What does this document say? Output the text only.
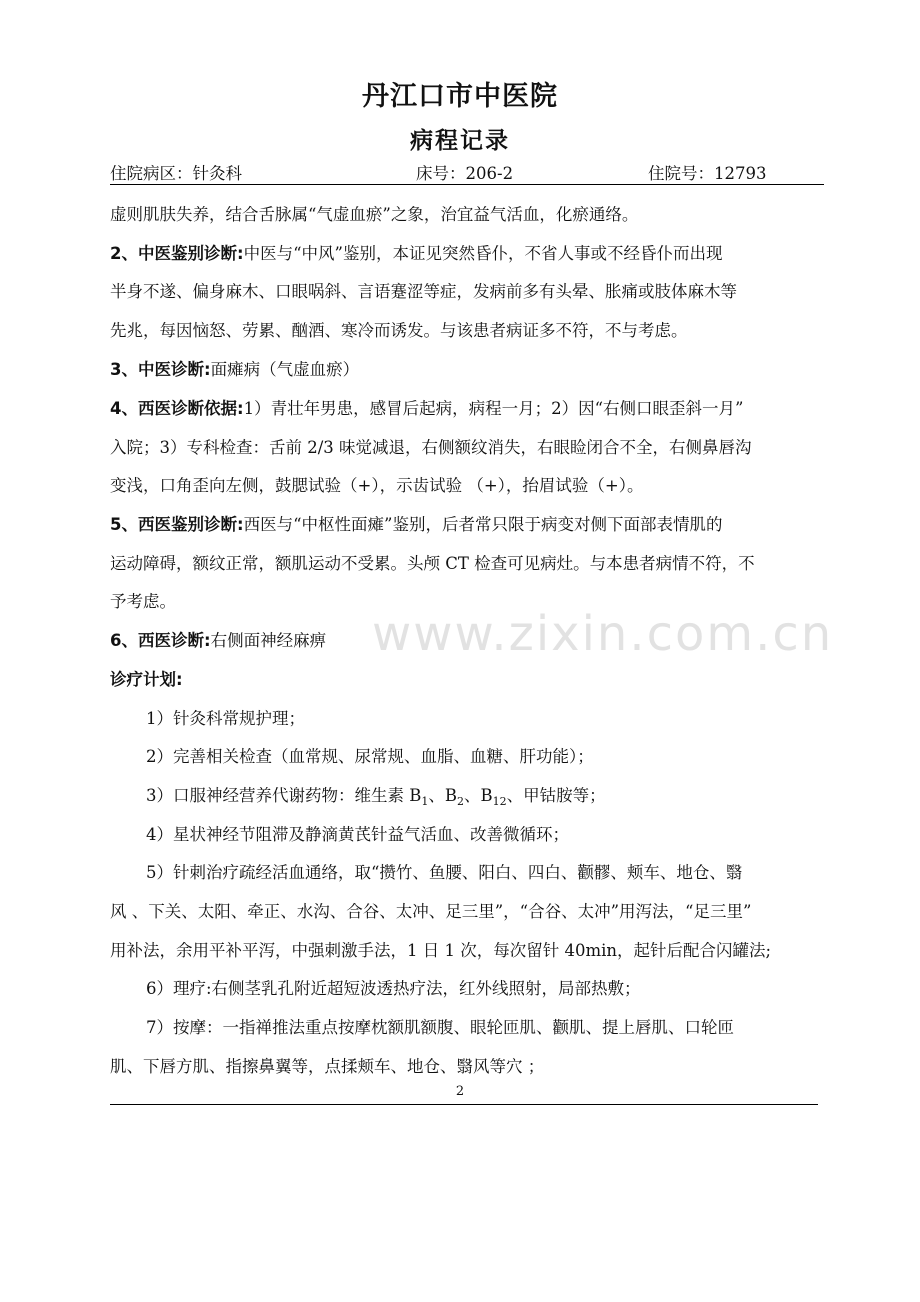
丹江口市中医院
病程记录
住院病区：针灸科	床号：206-2	住院号：12793
虚则肌肤失养，结合舌脉属“气虚血瘀”之象，治宜益气活血，化瘀通络。
2、中医鉴别诊断:中医与“中风”鉴别，本证见突然昏仆，不省人事或不经昏仆而出现
半身不遂、偏身麻木、口眼㖞斜、言语蹇涩等症，发病前多有头晕、胀痛或肢体麻木等
先兆，每因恼怒、劳累、酗酒、寒冷而诱发。与该患者病证多不符，不与考虑。
3、中医诊断:面瘫病（气虚血瘀）
4、西医诊断依据:1）青壮年男患，感冒后起病，病程一月；2）因“右侧口眼歪斜一月”
入院；3）专科检查：舌前 2/3 味觉减退，右侧额纹消失，右眼睑闭合不全，右侧鼻唇沟
变浅，口角歪向左侧，鼓腮试验（+），示齿试验 （+），抬眉试验（+）。
5、西医鉴别诊断:西医与“中枢性面瘫”鉴别，后者常只限于病变对侧下面部表情肌的
运动障碍，额纹正常，额肌运动不受累。头颅 CT 检查可见病灶。与本患者病情不符，不
予考虑。
6、西医诊断:右侧面神经麻痹
诊疗计划:
1）针灸科常规护理；
2）完善相关检查（血常规、尿常规、血脂、血糖、肝功能）；
3）口服神经营养代谢药物：维生素 $B_1$、$B_2$、$B_{12}$、甲钴胺等；
4）星状神经节阻滞及静滴黄芪针益气活血、改善微循环；
5）针刺治疗疏经活血通络，取“攒竹、鱼腰、阳白、四白、颧髎、颊车、地仓、翳
风 、下关、太阳、牵正、水沟、合谷、太冲、足三里”，“合谷、太冲”用泻法，“足三里”
用补法，余用平补平泻，中强刺激手法，1 日 1 次，每次留针 40min，起针后配合闪罐法;
6）理疗:右侧茎乳孔附近超短波透热疗法，红外线照射，局部热敷；
7）按摩：一指禅推法重点按摩枕额肌额腹、眼轮匝肌、颧肌、提上唇肌、口轮匝
肌、下唇方肌、指擦鼻翼等，点揉颊车、地仓、翳风等穴 ；
2
www.zixin.com.cn
